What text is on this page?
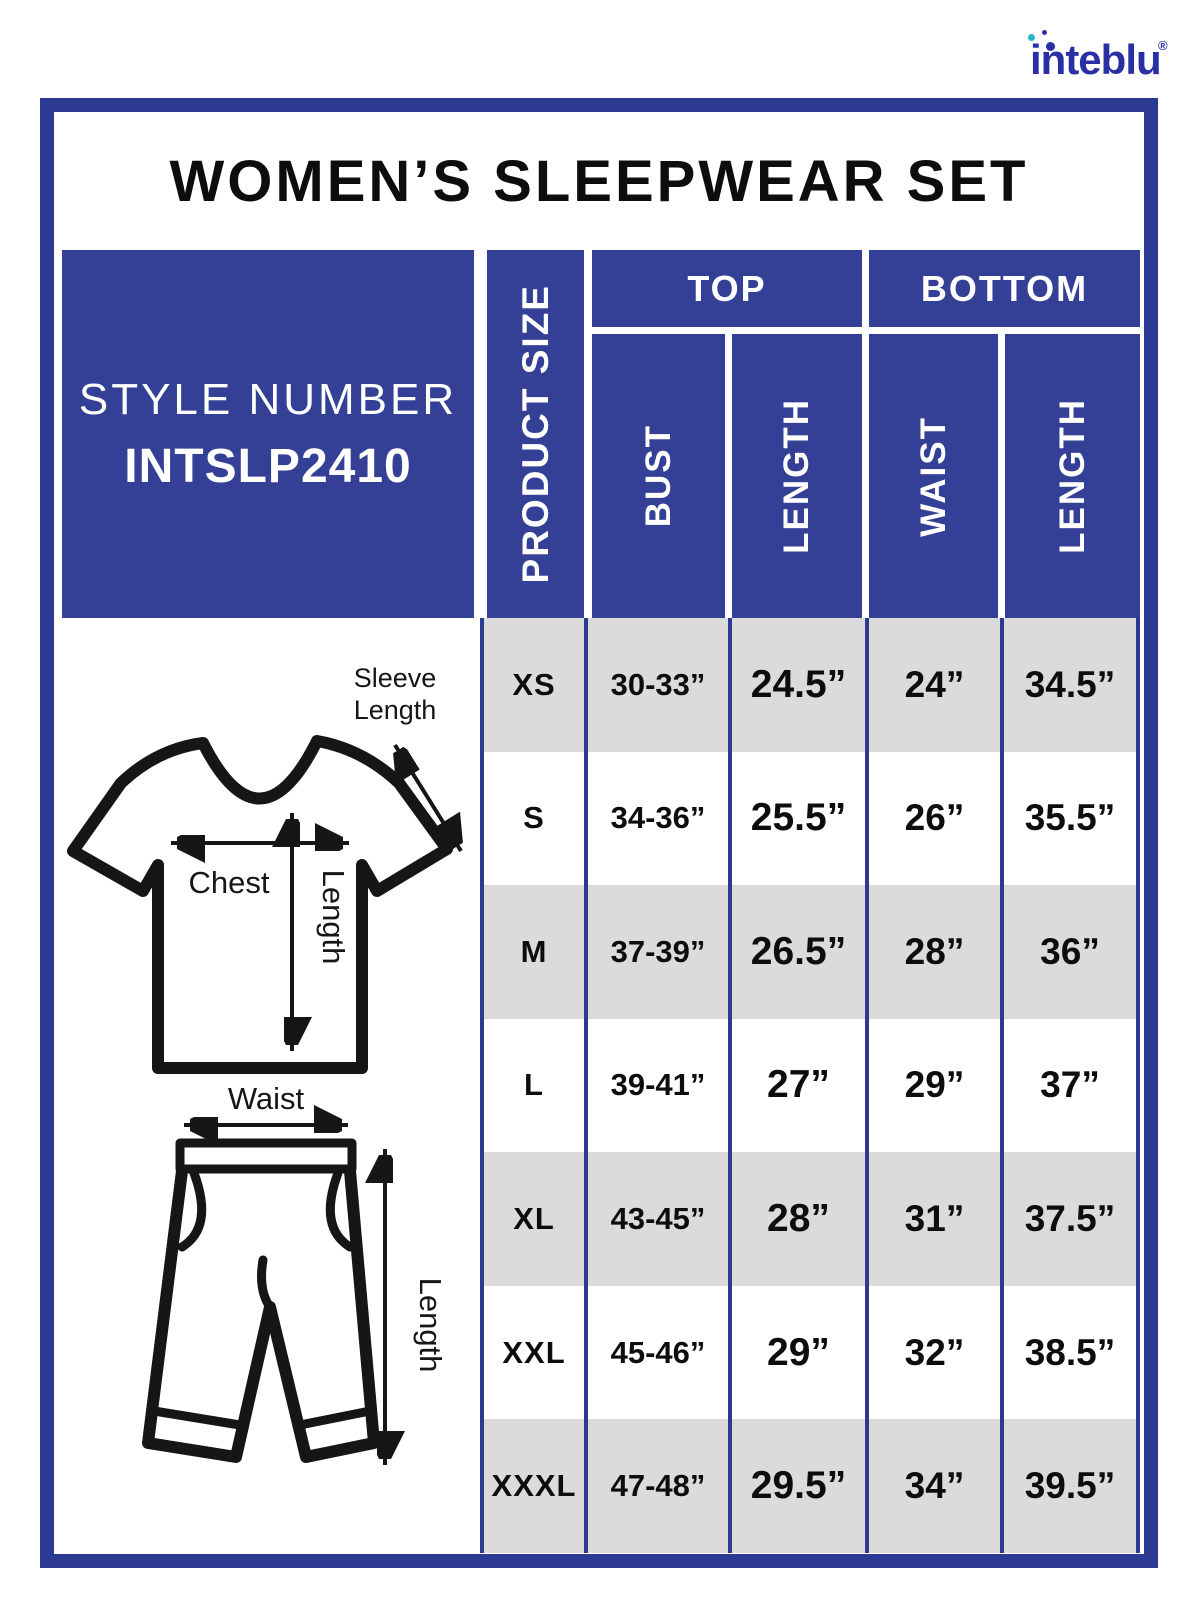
inteblu
®
WOMEN’S SLEEPWEAR SET
STYLE NUMBER
INTSLP2410	PRODUCT SIZE	TOP	BOTTOM
BUST	LENGTH	WAIST	LENGTH
XS	30-33”	24.5”	24”	34.5”
S	34-36”	25.5”	26”	35.5”
M	37-39”	26.5”	28”	36”
L	39-41”	27”	29”	37”
XL	43-45”	28”	31”	37.5”
XXL	45-46”	29”	32”	38.5”
XXXL	47-48”	29.5”	34”	39.5”
Sleeve
Length
Chest Length
Waist
Length
